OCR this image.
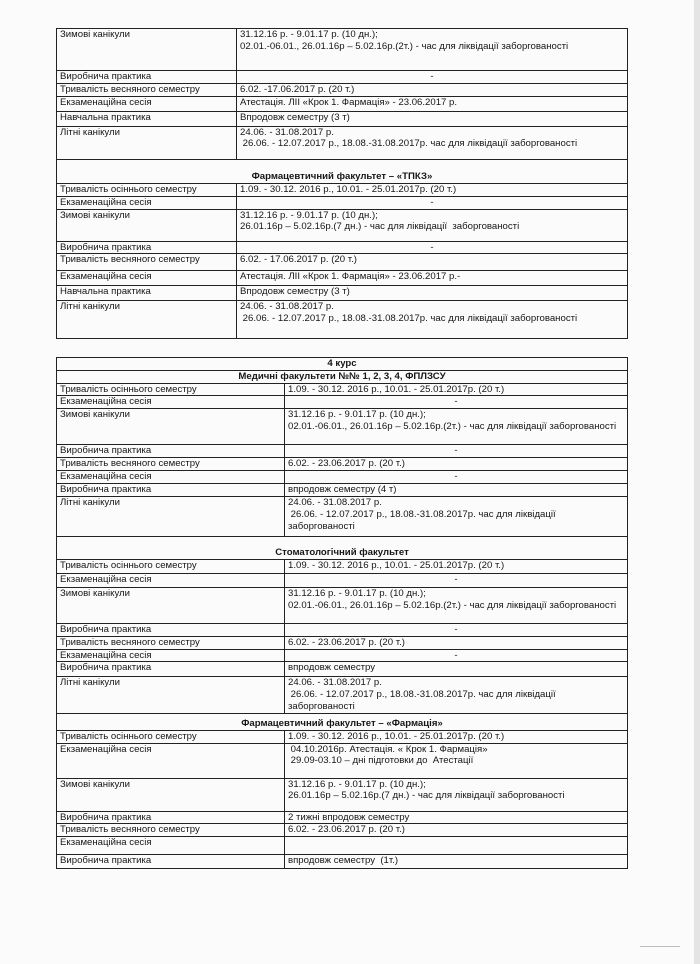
Зимові канікули	31.12.16 р. - 9.01.17 р. (10 дн.);
02.01.-06.01., 26.01.16р – 5.02.16р.(2т.) - час для ліквідації заборгованості
Виробнича практика	-
Тривалість весняного семестру	6.02. -17.06.2017 р. (20 т.)
Екзаменаційна сесія	Атестація. ЛІІ «Крок 1. Фармація» - 23.06.2017 р.
Навчальна практика	Впродовж семестру (3 т)
Літні канікули	24.06. - 31.08.2017 р.
26.06. - 12.07.2017 р., 18.08.-31.08.2017р. час для ліквідації заборгованості
Фармацевтичний факультет – «ТПКЗ»	
Тривалість осіннього семестру	1.09. - 30.12. 2016 р., 10.01. - 25.01.2017р. (20 т.)
Екзаменаційна сесія	-
Зимові канікули	31.12.16 р. - 9.01.17 р. (10 дн.);
26.01.16р – 5.02.16р.(7 дн.) - час для ліквідації  заборгованості
Виробнича практика	-
Тривалість весняного семестру	6.02. - 17.06.2017 р. (20 т.)
Екзаменаційна сесія	Атестація. ЛІІ «Крок 1. Фармація» - 23.06.2017 р.-
Навчальна практика	Впродовж семестру (3 т)
Літні канікули	24.06. - 31.08.2017 р.
26.06. - 12.07.2017 р., 18.08.-31.08.2017р. час для ліквідації заборгованості
4 курс	
Медичні факультети №№ 1, 2, 3, 4, ФПЛЗСУ	
Тривалість осіннього семестру	1.09. - 30.12. 2016 р., 10.01. - 25.01.2017р. (20 т.)
Екзаменаційна сесія	-
Зимові канікули	31.12.16 р. - 9.01.17 р. (10 дн.);
02.01.-06.01., 26.01.16р – 5.02.16р.(2т.) - час для ліквідації заборгованості
Виробнича практика	-
Тривалість весняного семестру	6.02. - 23.06.2017 р. (20 т.)
Екзаменаційна сесія	-
Виробнича практика	впродовж семестру (4 т)
Літні канікули	24.06. - 31.08.2017 р.
26.06. - 12.07.2017 р., 18.08.-31.08.2017р. час для ліквідації заборгованості
Стоматологічний факультет	
Тривалість осіннього семестру	1.09. - 30.12. 2016 р., 10.01. - 25.01.2017р. (20 т.)
Екзаменаційна сесія	-
Зимові канікули	31.12.16 р. - 9.01.17 р. (10 дн.);
02.01.-06.01., 26.01.16р – 5.02.16р.(2т.) - час для ліквідації заборгованості
Виробнича практика	-
Тривалість весняного семестру	6.02. - 23.06.2017 р. (20 т.)
Екзаменаційна сесія	-
Виробнича практика	впродовж семестру
Літні канікули	24.06. - 31.08.2017 р.
26.06. - 12.07.2017 р., 18.08.-31.08.2017р. час для ліквідації заборгованості
Фармацевтичний факультет – «Фармація»	
Тривалість осіннього семестру	1.09. - 30.12. 2016 р., 10.01. - 25.01.2017р. (20 т.)
Екзаменаційна сесія	04.10.2016р. Атестація. « Крок 1. Фармація»
29.09-03.10 – дні підготовки до  Атестації
Зимові канікули	31.12.16 р. - 9.01.17 р. (10 дн.);
26.01.16р – 5.02.16р.(7 дн.) - час для ліквідації заборгованості
Виробнича практика	2 тижні впродовж семестру
Тривалість весняного семестру	6.02. - 23.06.2017 р. (20 т.)
Екзаменаційна сесія	
Виробнича практика	впродовж семестру  (1т.)
